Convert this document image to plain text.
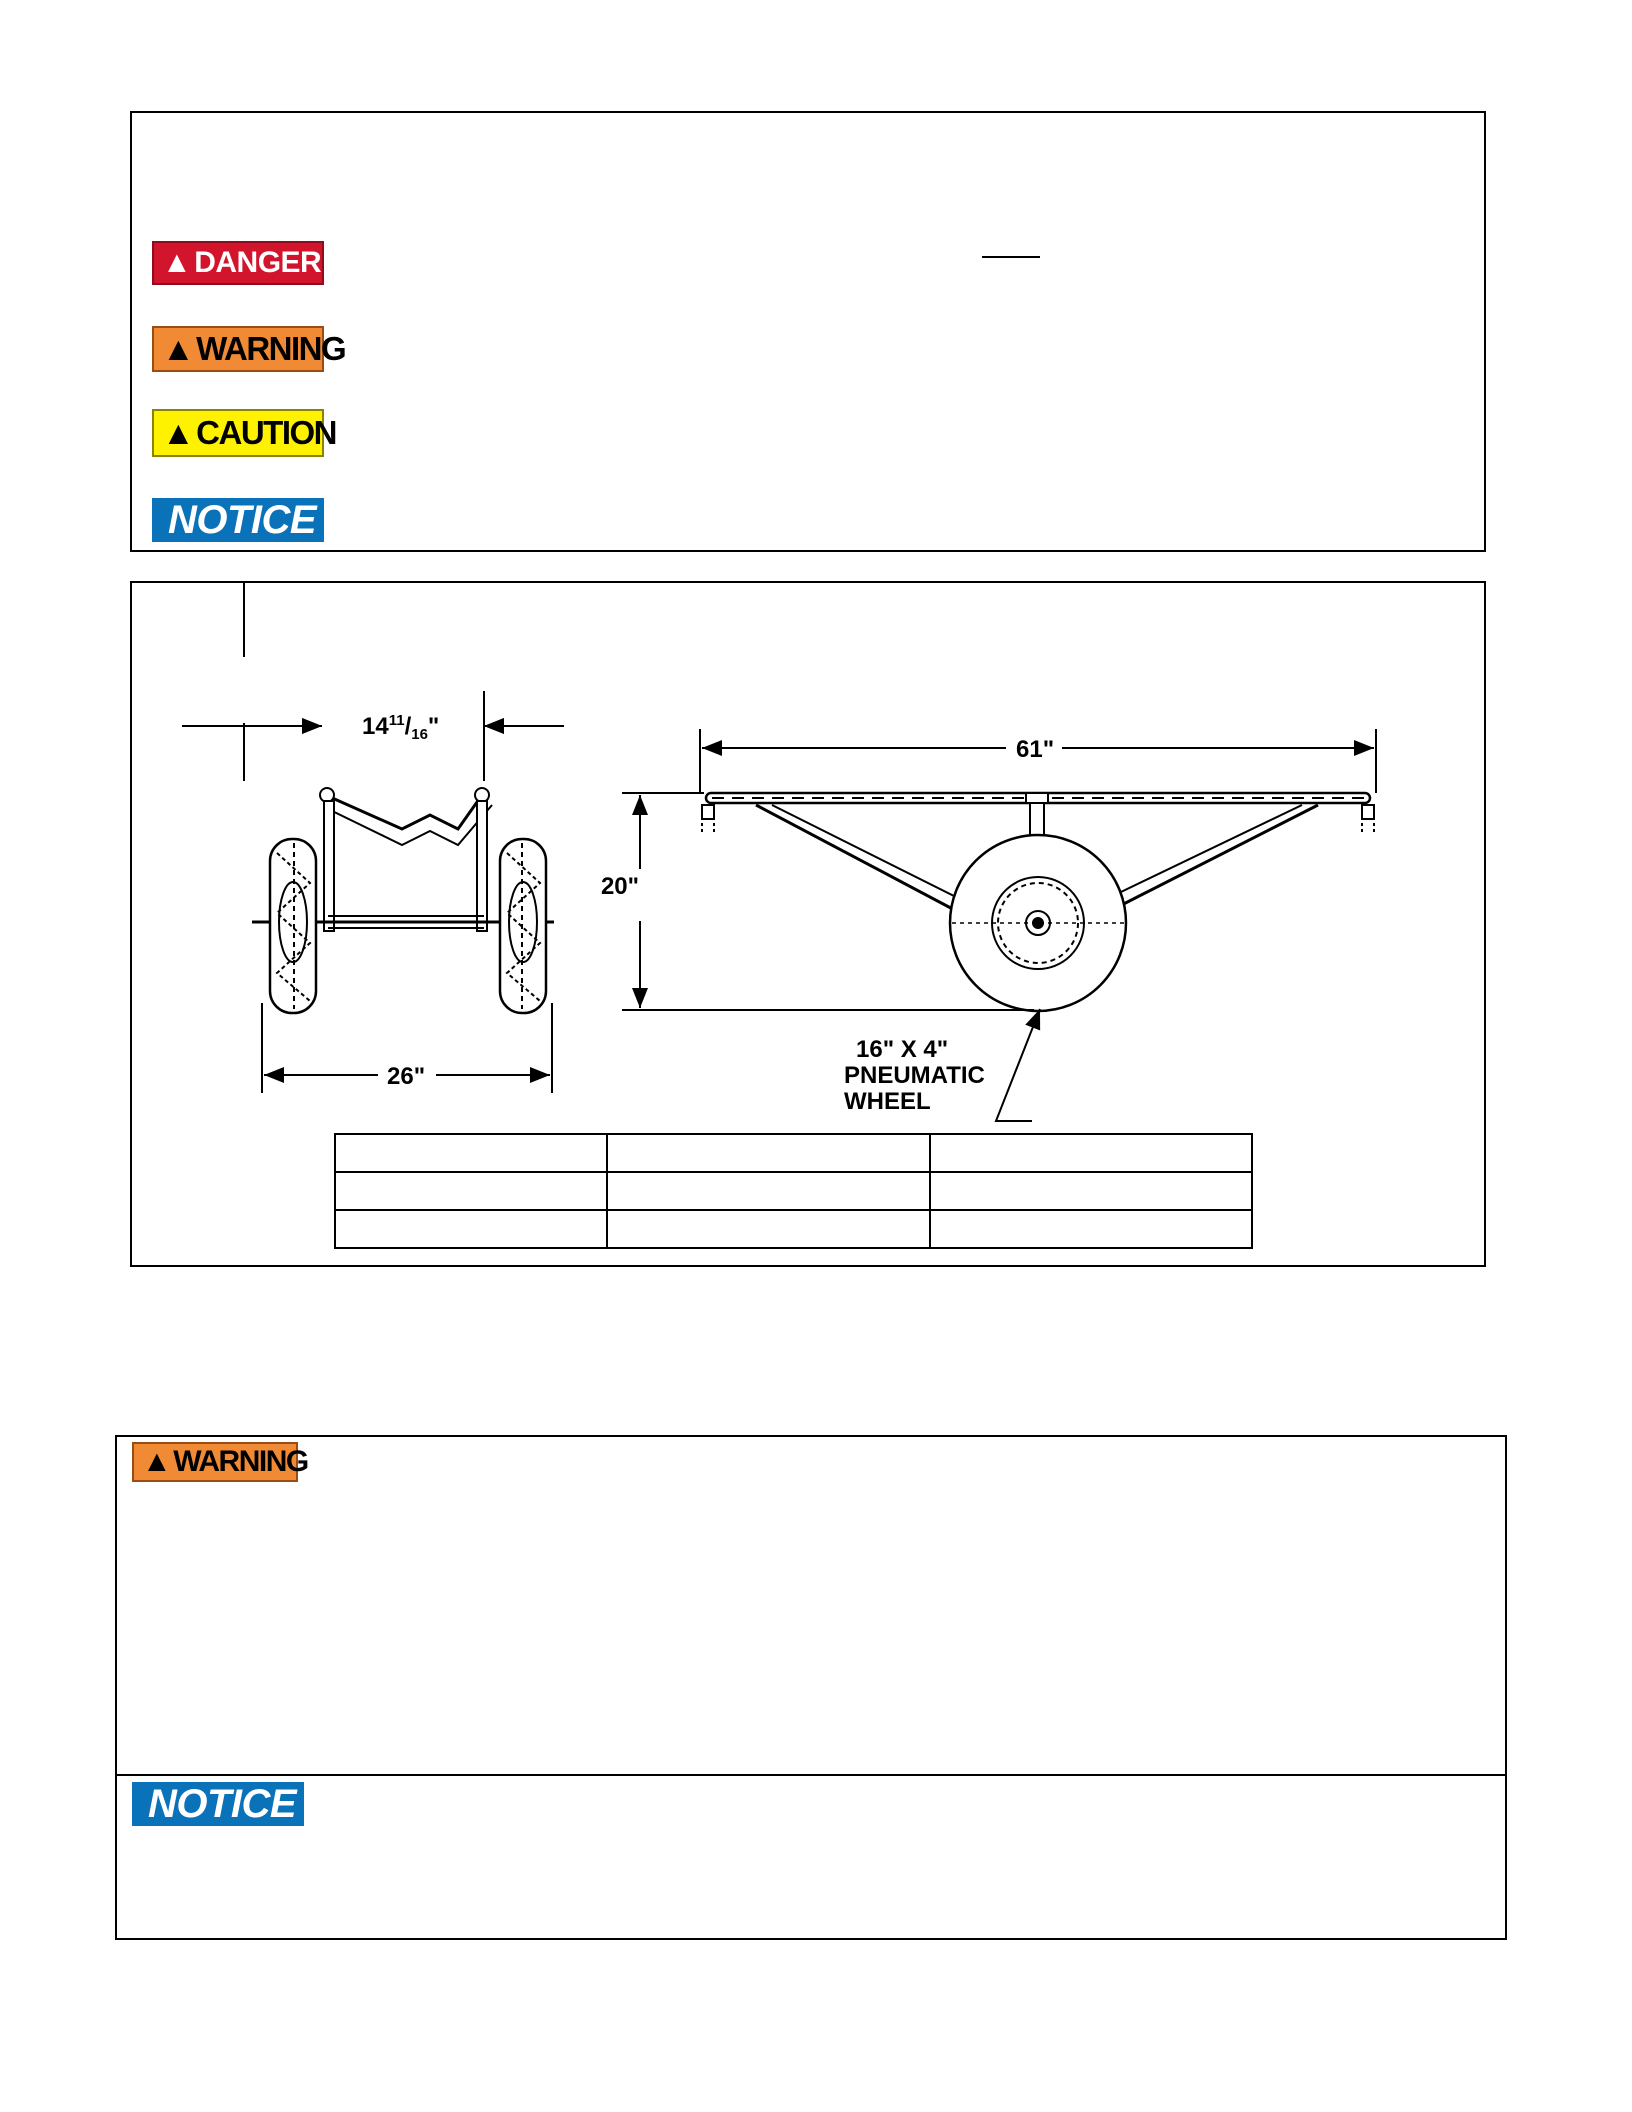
▲ DANGER
▲ WARNING
▲ CAUTION
NOTICE
$14^{11}/_{16}$"
26"
61"
20"
16" X 4"
PNEUMATIC
WHEEL

▲ WARNING
NOTICE
